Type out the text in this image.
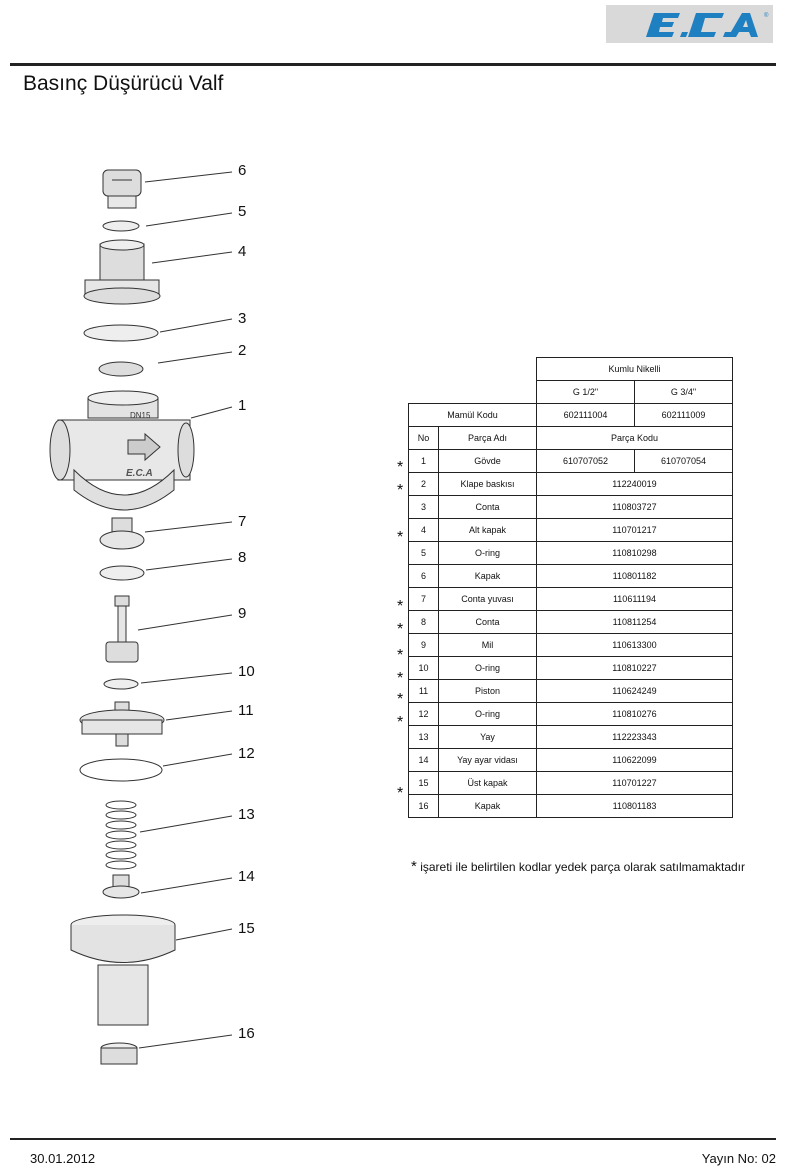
®
Basınç Düşürücü Valf
DN15
E.C.A
6
5
4
3
2
1
7
8
9
10
11
12
13
14
15
16
		Kumlu Nikelli	
		G 1/2"	G 3/4"
Mamül Kodu		602111004	602111009
No	Parça Adı	Parça Kodu	
1	Gövde	610707052	610707054
2	Klape baskısı	112240019	
3	Conta	110803727	
4	Alt kapak	110701217	
5	O-ring	110810298	
6	Kapak	110801182	
7	Conta yuvası	110611194	
8	Conta	110811254	
9	Mil	110613300	
10	O-ring	110810227	
11	Piston	110624249	
12	O-ring	110810276	
13	Yay	112223343	
14	Yay ayar vidası	110622099	
15	Üst kapak	110701227	
16	Kapak	110801183	
*
*
*
*
*
*
*
*
*
*
* işareti ile belirtilen kodlar yedek parça olarak satılmamaktadır
30.01.2012	Yayın No: 02
